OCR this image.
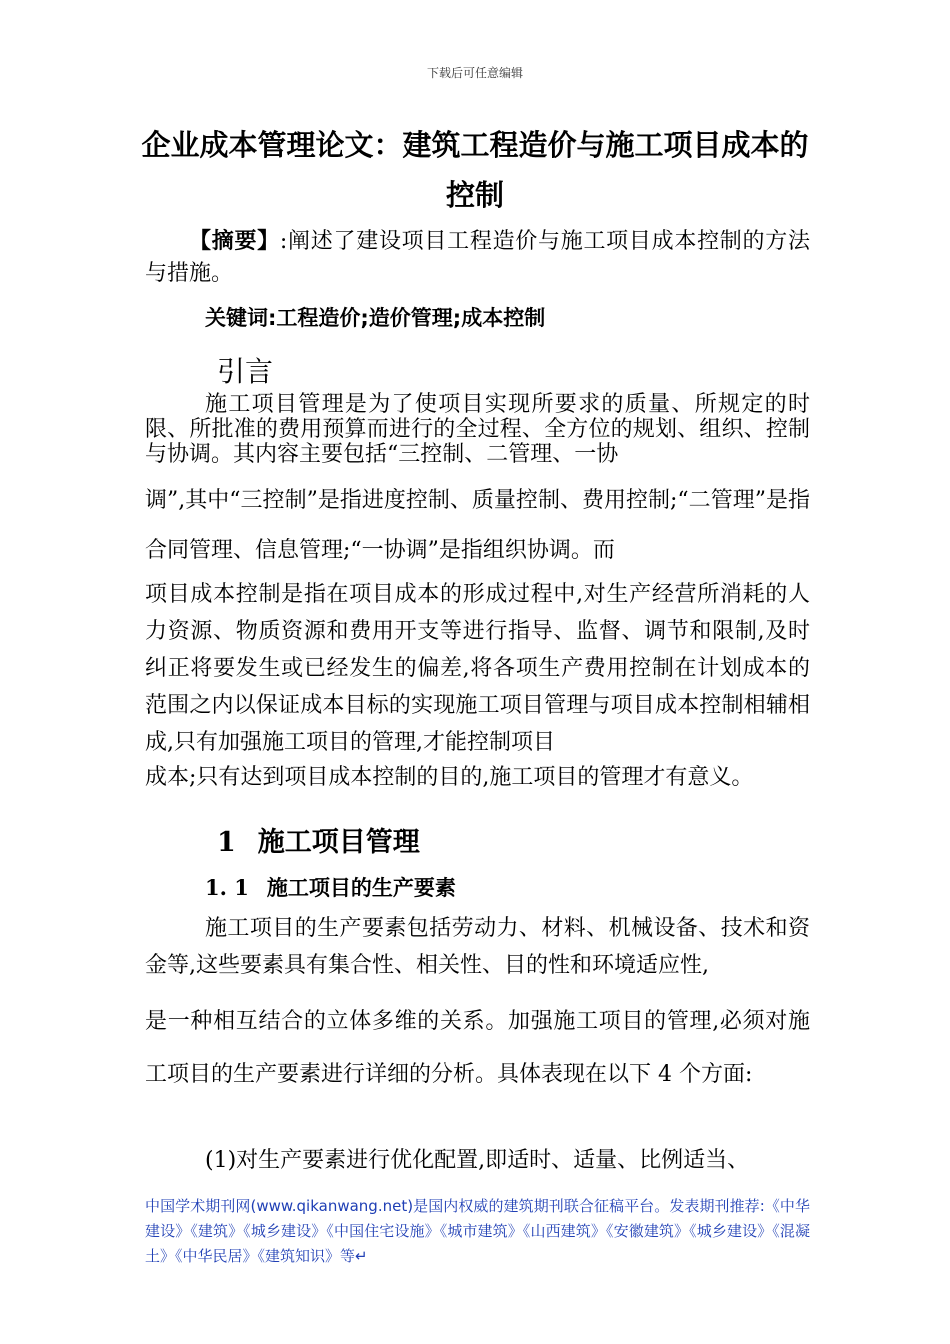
下载后可任意编辑
企业成本管理论文：建筑工程造价与施工项目成本的控制
【摘要】:阐述了建设项目工程造价与施工项目成本控制的方法与措施。
关键词:工程造价;造价管理;成本控制
引言
施工项目管理是为了使项目实现所要求的质量、所规定的时限、所批准的费用预算而进行的全过程、全方位的规划、组织、控制与协调。其内容主要包括“三控制、二管理、一协
调”,其中“三控制”是指进度控制、质量控制、费用控制;“二管理”是指合同管理、信息管理;“一协调”是指组织协调。而
项目成本控制是指在项目成本的形成过程中,对生产经营所消耗的人力资源、物质资源和费用开支等进行指导、监督、调节和限制,及时纠正将要发生或已经发生的偏差,将各项生产费用控制在计划成本的范围之内以保证成本目标的实现施工项目管理与项目成本控制相辅相成,只有加强施工项目的管理,才能控制项目
成本;只有达到项目成本控制的目的,施工项目的管理才有意义。
1 施工项目管理
1. 1 施工项目的生产要素
施工项目的生产要素包括劳动力、材料、机械设备、技术和资金等,这些要素具有集合性、相关性、目的性和环境适应性,
是一种相互结合的立体多维的关系。加强施工项目的管理,必须对施工项目的生产要素进行详细的分析。具体表现在以下 4 个方面:
(1)对生产要素进行优化配置,即适时、适量、比例适当、
中国学术期刊网(www.qikanwang.net)是国内权威的建筑期刊联合征稿平台。发表期刊推荐:《中华建设》《建筑》《城乡建设》《中国住宅设施》《城市建筑》《山西建筑》《安徽建筑》《城乡建设》《混凝土》《中华民居》《建筑知识》等↵
